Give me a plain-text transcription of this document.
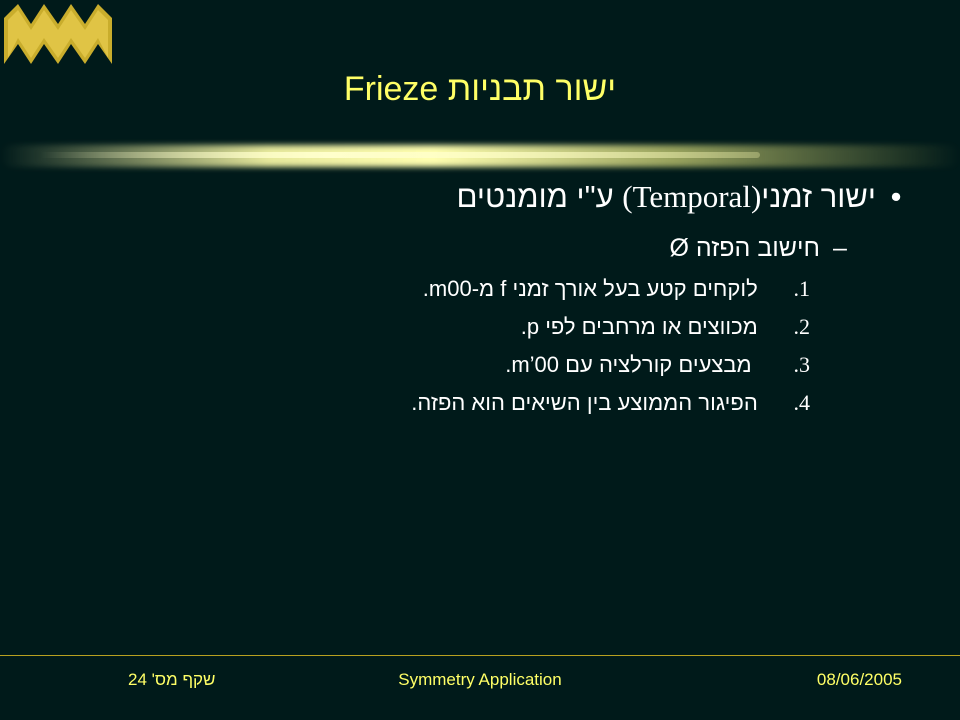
ישור תבניות Frieze
•ישור זמני(Temporal) ע"י מומנטים
–חישוב הפזה Ø
1.  לוקחים קטע בעל אורך זמני f מ-m00.
2.  מכווצים או מרחבים לפי p.
3.   מבצעים קורלציה עם m’00.
4.  הפיגור הממוצע בין השיאים הוא הפזה.
שקף מס' 24	Symmetry Application	08/06/2005
